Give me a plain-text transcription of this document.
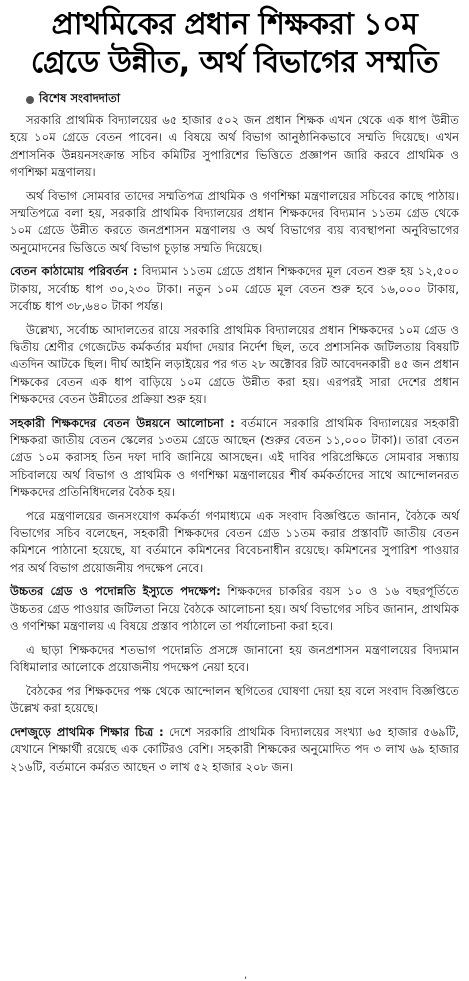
প্রাথমিকের প্রধান শিক্ষকরা ১০ম
গ্রেডে উন্নীত, অর্থ বিভাগের সম্মতি
বিশেষ সংবাদদাতা

সরকারি প্রাথমিক বিদ্যালয়ের ৬৫ হাজার ৫০২ জন প্রধান শিক্ষক এখন থেকে এক ধাপ উন্নীত হয়ে ১০ম গ্রেডে বেতন পাবেন। এ বিষয়ে অর্থ বিভাগ আনুষ্ঠানিকভাবে সম্মতি দিয়েছে। এখন প্রশাসনিক উন্নয়নসংক্রান্ত সচিব কমিটির সুপারিশের ভিত্তিতে প্রজ্ঞাপন জারি করবে প্রাথমিক ও গণশিক্ষা মন্ত্রণালয়।

অর্থ বিভাগ সোমবার তাদের সম্মতিপত্র প্রাথমিক ও গণশিক্ষা মন্ত্রণালয়ের সচিবের কাছে পাঠায়। সম্মতিপত্রে বলা হয়, সরকারি প্রাথমিক বিদ্যালয়ের প্রধান শিক্ষকদের বিদ্যমান ১১তম গ্রেড থেকে ১০ম গ্রেডে উন্নীত করতে জনপ্রশাসন মন্ত্রণালয় ও অর্থ বিভাগের ব্যয় ব্যবস্থাপনা অনুবিভাগের অনুমোদনের ভিত্তিতে অর্থ বিভাগ চূড়ান্ত সম্মতি দিয়েছে।

বেতন কাঠামোয় পরিবর্তন : বিদ্যমান ১১তম গ্রেডে প্রধান শিক্ষকদের মূল বেতন শুরু হয় ১২,৫০০ টাকায়, সর্বোচ্চ ধাপ ৩০,২৩০ টাকা। নতুন ১০ম গ্রেডে মূল বেতন শুরু হবে ১৬,০০০ টাকায়, সর্বোচ্চ ধাপ ৩৮,৬৪০ টাকা পর্যন্ত।

উল্লেখ্য, সর্বোচ্চ আদালতের রায়ে সরকারি প্রাথমিক বিদ্যালয়ের প্রধান শিক্ষকদের ১০ম গ্রেড ও দ্বিতীয় শ্রেণীর গেজেটেড কর্মকর্তার মর্যাদা দেয়ার নির্দেশ ছিল, তবে প্রশাসনিক জটিলতায় বিষয়টি এতদিন আটকে ছিল। দীর্ঘ আইনি লড়াইয়ের পর গত ২৮ অক্টোবর রিট আবেদনকারী ৪৫ জন প্রধান শিক্ষকের বেতন এক ধাপ বাড়িয়ে ১০ম গ্রেডে উন্নীত করা হয়। এরপরই সারা দেশের প্রধান শিক্ষকদের বেতন উন্নীতের প্রক্রিয়া শুরু হয়।

সহকারী শিক্ষকদের বেতন উন্নয়নে আলোচনা : বর্তমানে সরকারি প্রাথমিক বিদ্যালয়ের সহকারী শিক্ষকরা জাতীয় বেতন স্কেলের ১৩তম গ্রেডে আছেন (শুরুর বেতন ১১,০০০ টাকা)। তারা বেতন গ্রেড ১০ম করাসহ তিন দফা দাবি জানিয়ে আসছেন। এই দাবির পরিপ্রেক্ষিতে সোমবার সন্ধ্যায় সচিবালয়ে অর্থ বিভাগ ও প্রাথমিক ও গণশিক্ষা মন্ত্রণালয়ের শীর্ষ কর্মকর্তাদের সাথে আন্দোলনরত শিক্ষকদের প্রতিনিধিদলের বৈঠক হয়।

পরে মন্ত্রণালয়ের জনসংযোগ কর্মকর্তা গণমাধ্যমে এক সংবাদ বিজ্ঞপ্তিতে জানান, বৈঠকে অর্থ বিভাগের সচিব বলেছেন, সহকারী শিক্ষকদের বেতন গ্রেড ১১তম করার প্রস্তাবটি জাতীয় বেতন কমিশনে পাঠানো হয়েছে, যা বর্তমানে কমিশনের বিবেচনাধীন রয়েছে। কমিশনের সুপারিশ পাওয়ার পর অর্থ বিভাগ প্রয়োজনীয় পদক্ষেপ নেবে।

উচ্চতর গ্রেড ও পদোন্নতি ইস্যুতে পদক্ষেপ: শিক্ষকদের চাকরির বয়স ১০ ও ১৬ বছরপূর্তিতে উচ্চতর গ্রেড পাওয়ার জটিলতা নিয়ে বৈঠকে আলোচনা হয়। অর্থ বিভাগের সচিব জানান, প্রাথমিক ও গণশিক্ষা মন্ত্রণালয় এ বিষয়ে প্রস্তাব পাঠালে তা পর্যালোচনা করা হবে।

এ ছাড়া শিক্ষকদের শতভাগ পদোন্নতি প্রসঙ্গে জানানো হয় জনপ্রশাসন মন্ত্রণালয়ের বিদ্যমান বিধিমালার আলোকে প্রয়োজনীয় পদক্ষেপ নেয়া হবে।

বৈঠকের পর শিক্ষকদের পক্ষ থেকে আন্দোলন স্থগিতের ঘোষণা দেয়া হয় বলে সংবাদ বিজ্ঞপ্তিতে উল্লেখ করা হয়েছে।

দেশজুড়ে প্রাথমিক শিক্ষার চিত্র : দেশে সরকারি প্রাথমিক বিদ্যালয়ের সংখ্যা ৬৫ হাজার ৫৬৯টি, যেখানে শিক্ষার্থী রয়েছে এক কোটিরও বেশি। সহকারী শিক্ষকের অনুমোদিত পদ ৩ লাখ ৬৯ হাজার ২১৬টি, বর্তমানে কর্মরত আছেন ৩ লাখ ৫২ হাজার ২০৮ জন।

,
